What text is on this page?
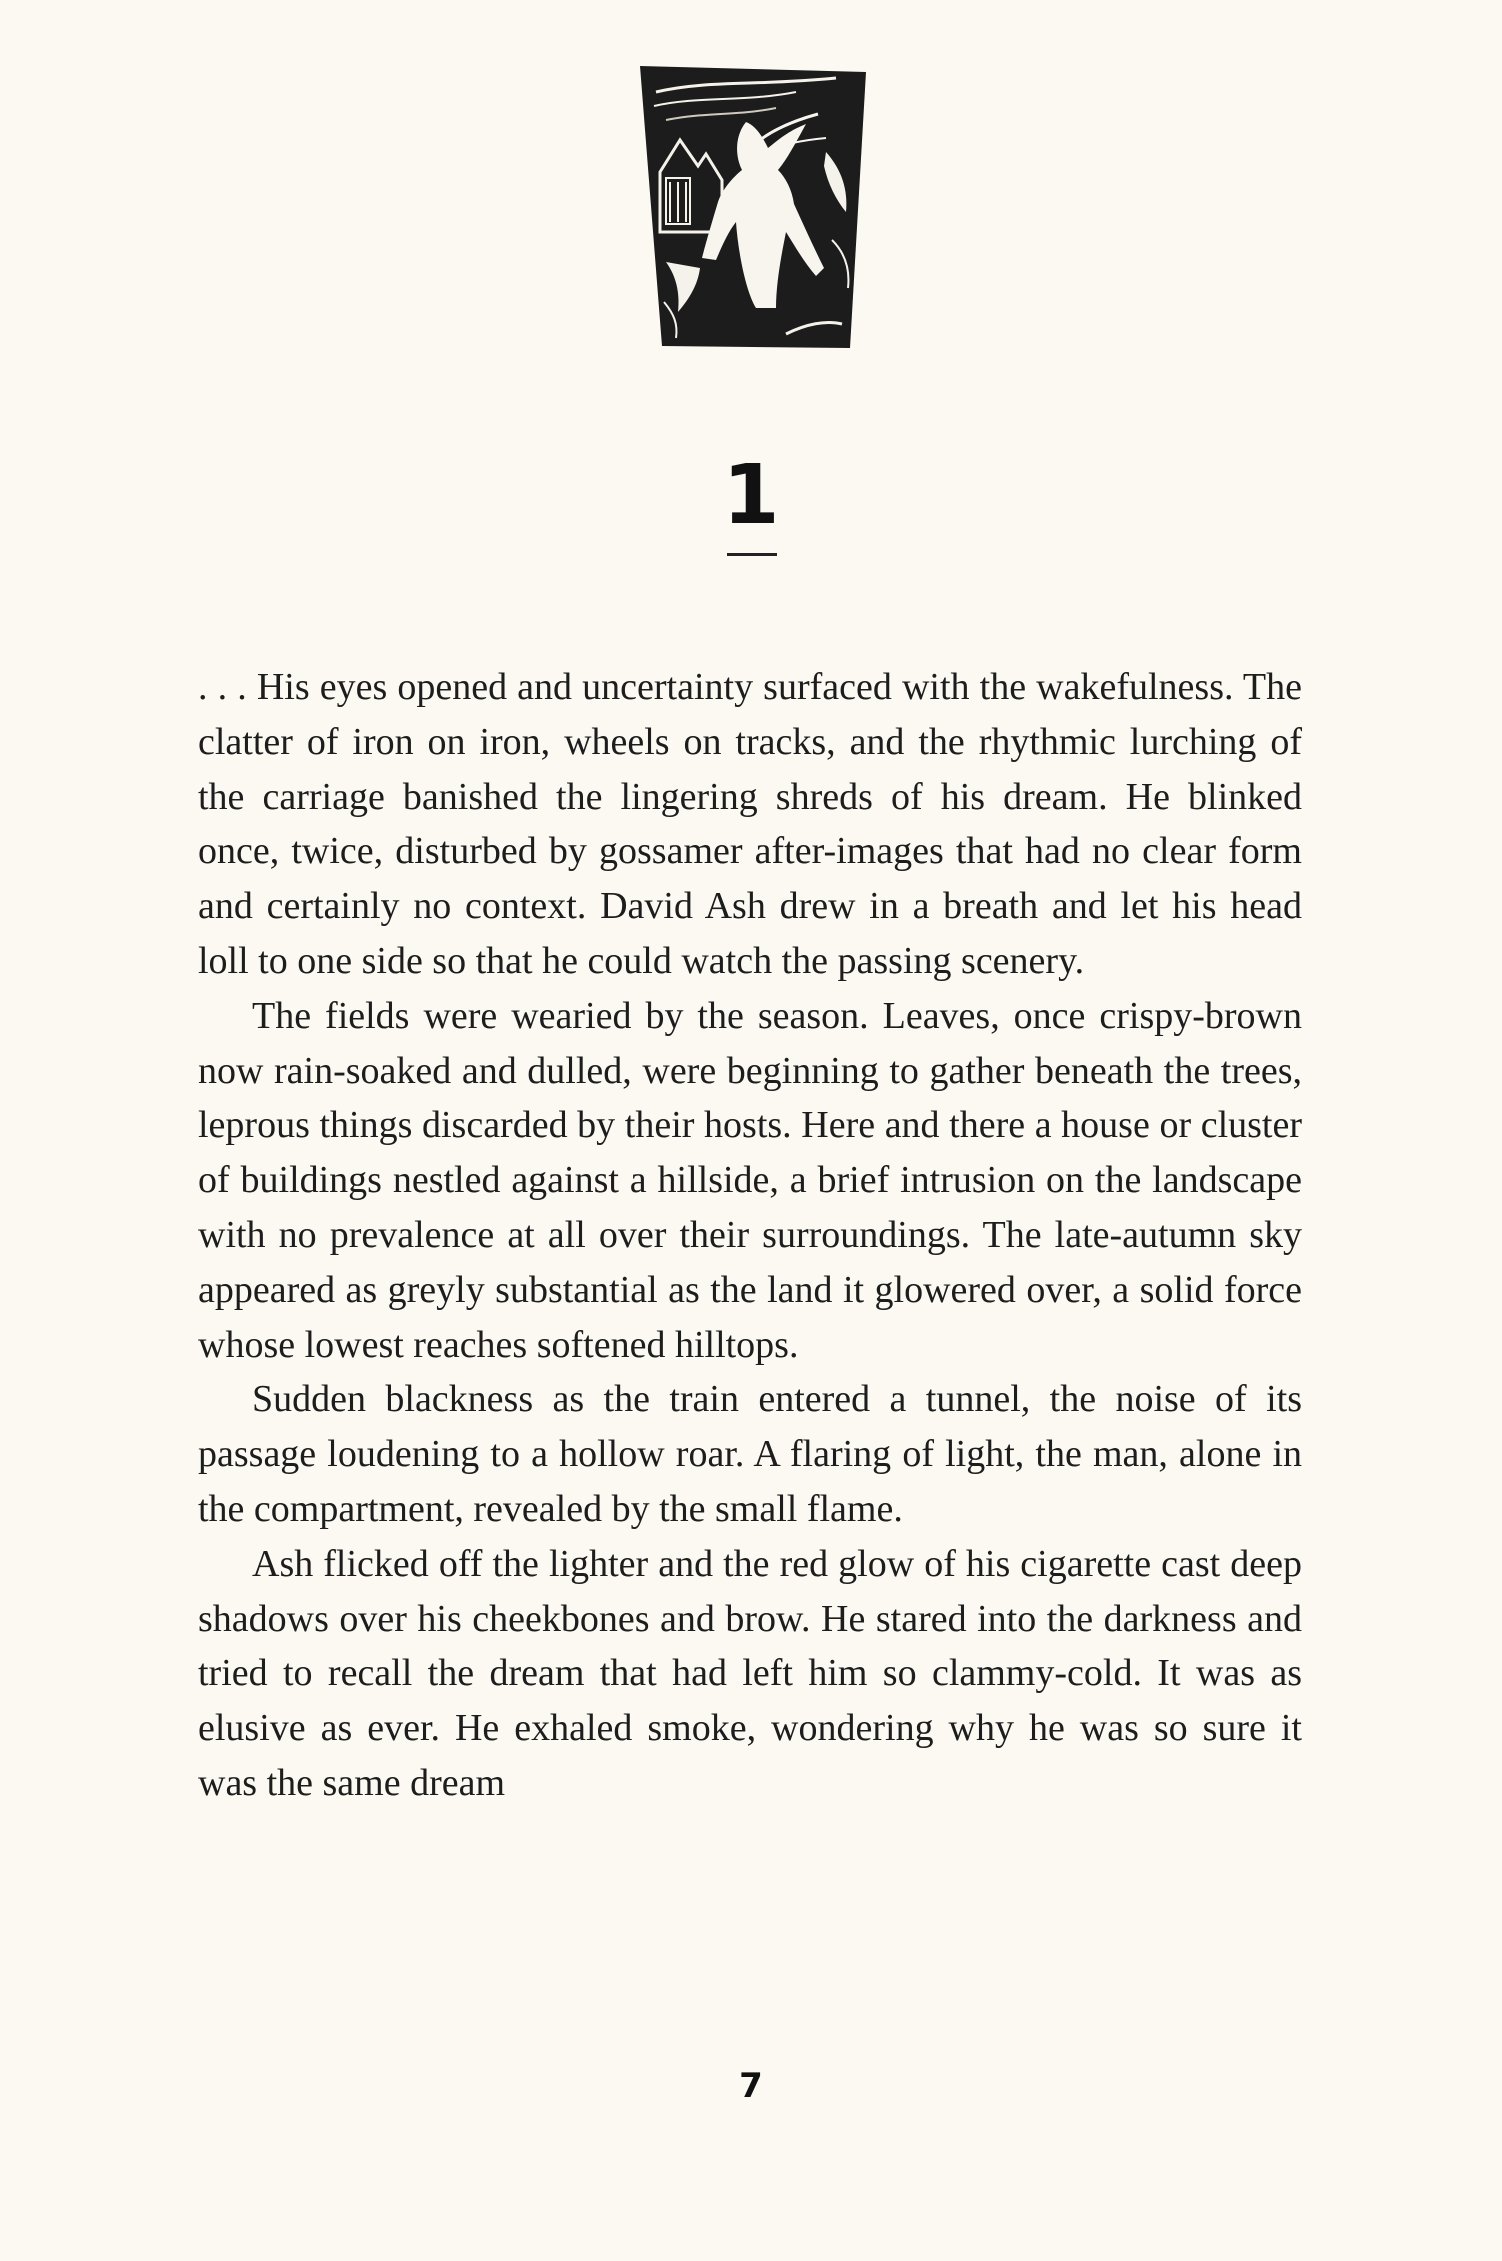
1

. . . His eyes opened and uncertainty surfaced with the wakefulness. The clatter of iron on iron, wheels on tracks, and the rhythmic lurching of the carriage banished the lingering shreds of his dream. He blinked once, twice, disturbed by gossamer after-images that had no clear form and certainly no context. David Ash drew in a breath and let his head loll to one side so that he could watch the passing scenery.

The fields were wearied by the season. Leaves, once crispy-brown now rain-soaked and dulled, were beginning to gather beneath the trees, leprous things discarded by their hosts. Here and there a house or cluster of buildings nestled against a hillside, a brief intrusion on the landscape with no prevalence at all over their surroundings. The late-autumn sky appeared as greyly substantial as the land it glowered over, a solid force whose lowest reaches softened hilltops.

Sudden blackness as the train entered a tunnel, the noise of its passage loudening to a hollow roar. A flaring of light, the man, alone in the compartment, revealed by the small flame.

Ash flicked off the lighter and the red glow of his cigarette cast deep shadows over his cheekbones and brow. He stared into the darkness and tried to recall the dream that had left him so clammy-cold. It was as elusive as ever. He exhaled smoke, wondering why he was so sure it was the same dream

7
